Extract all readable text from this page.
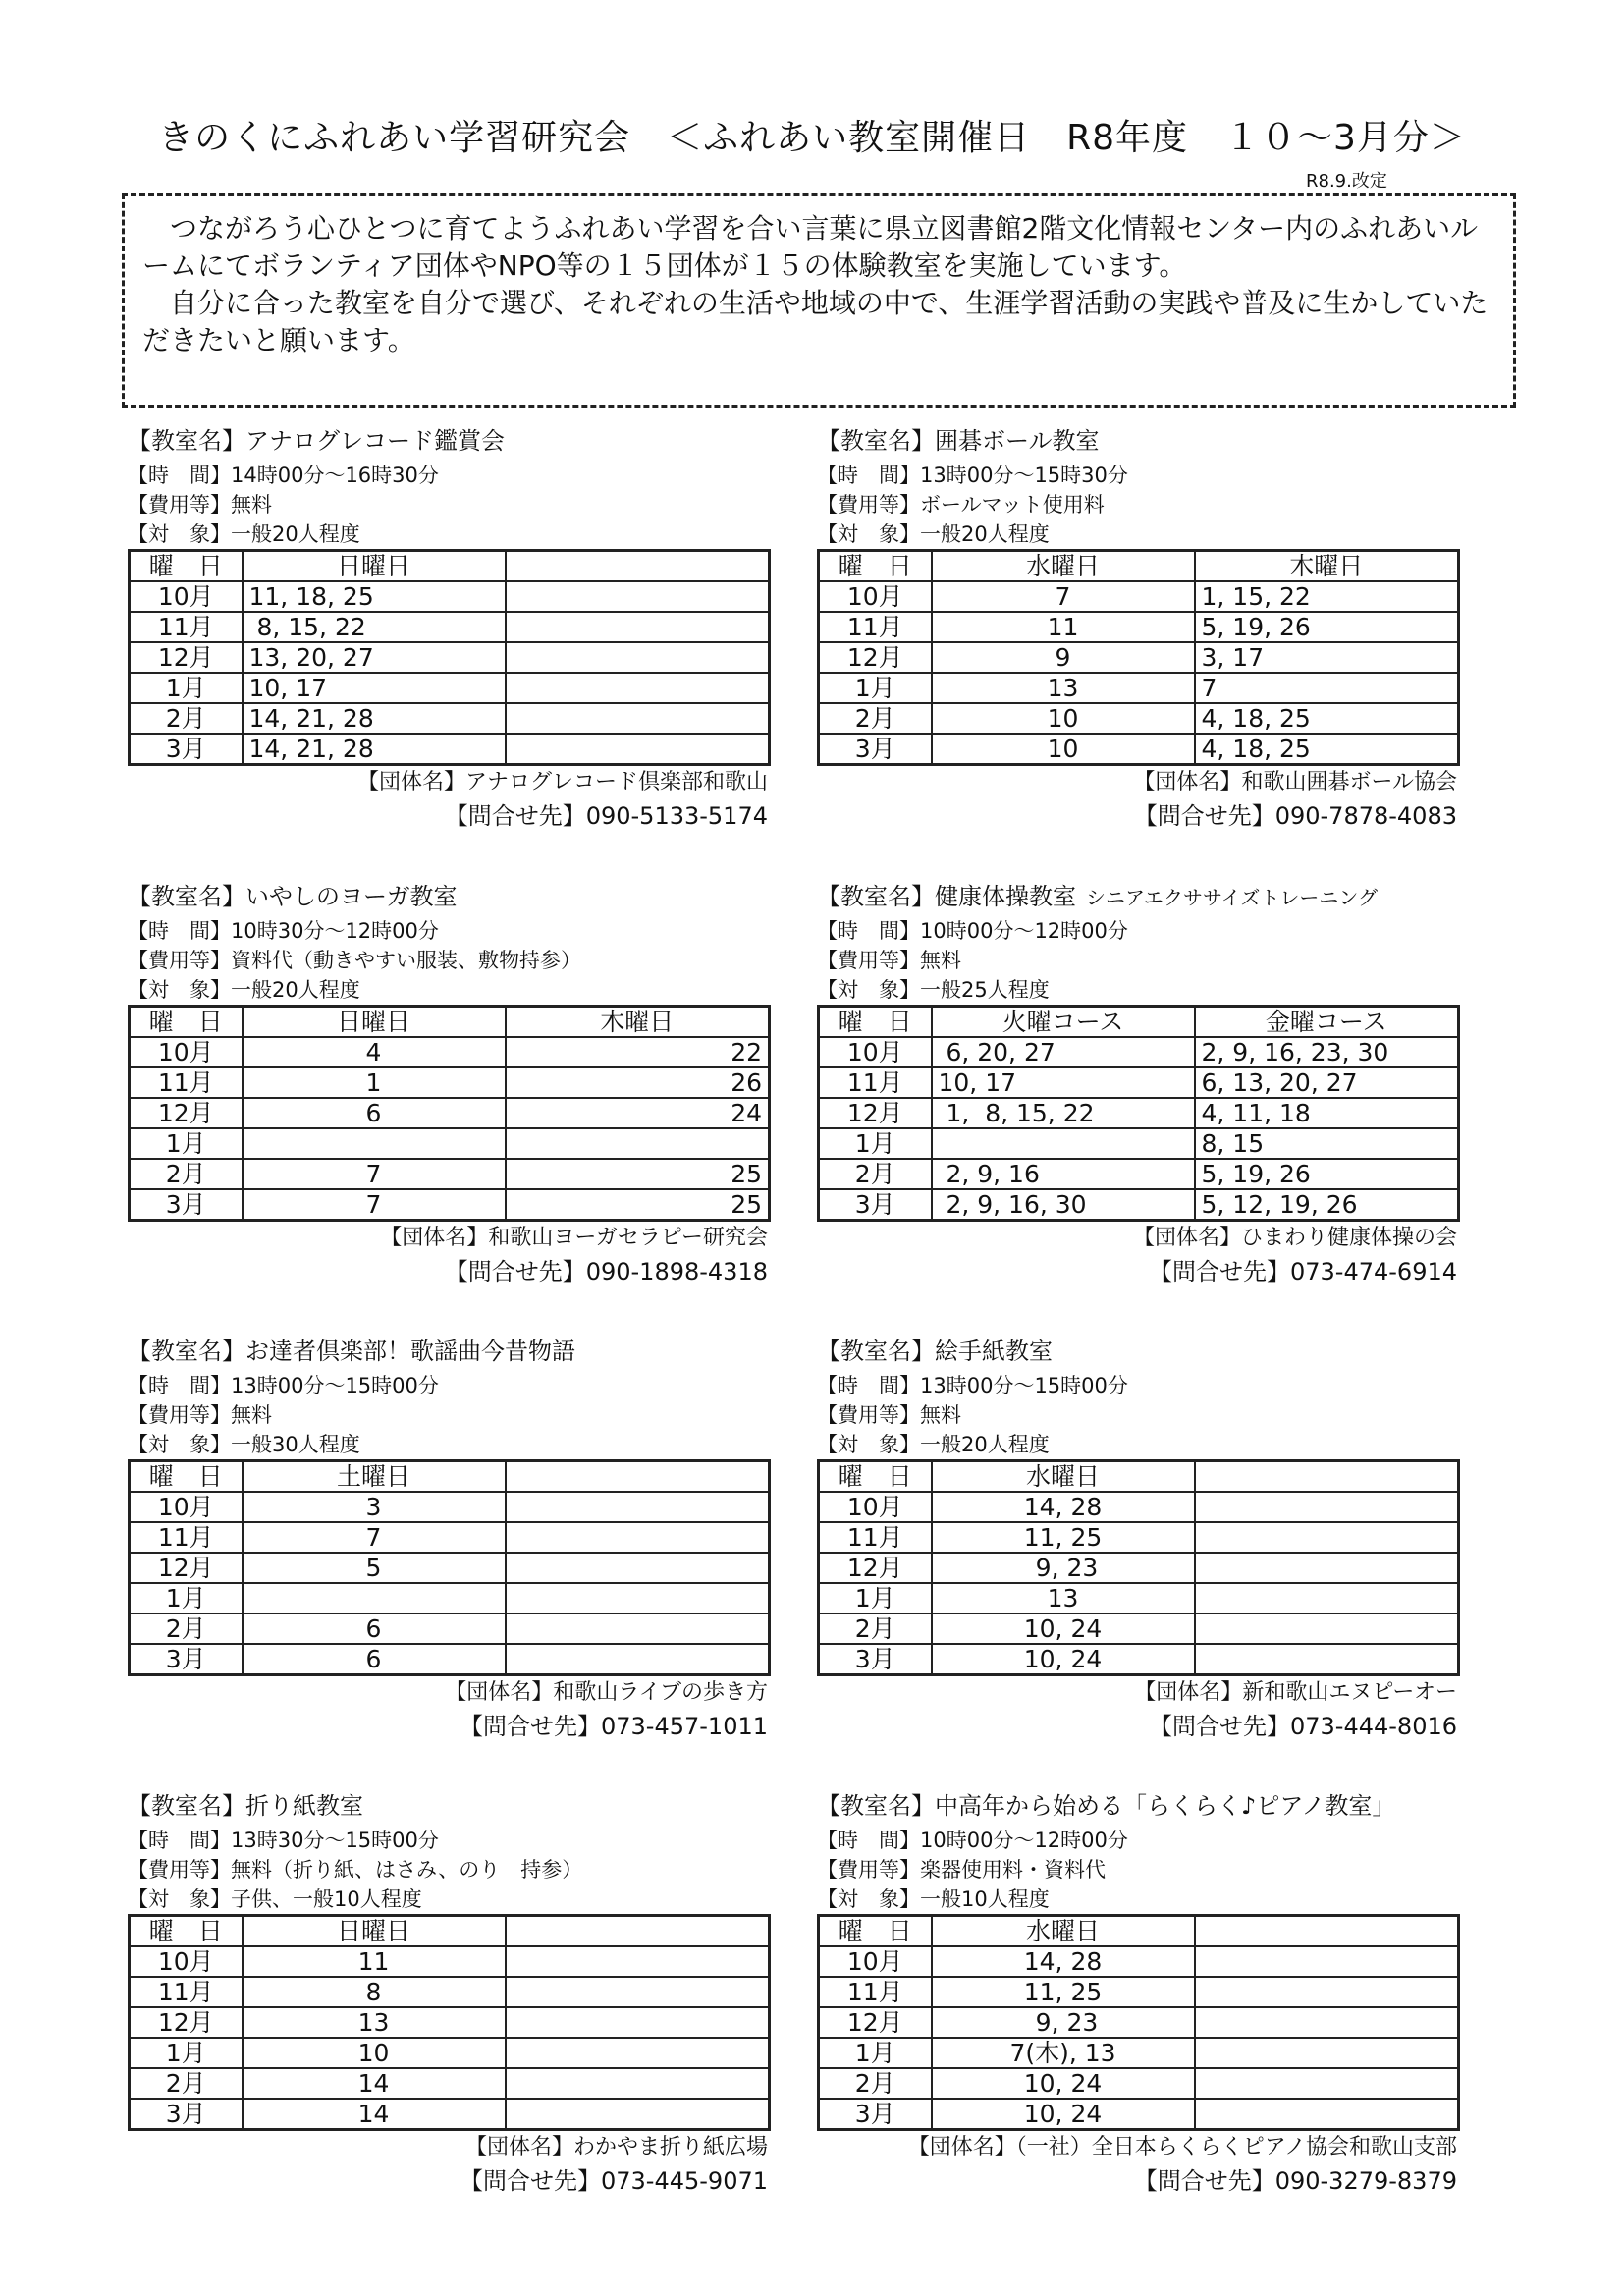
きのくにふれあい学習研究会　＜ふれあい教室開催日　R8年度　１０～3月分＞
R8.9.改定

つながろう心ひとつに育てようふれあい学習を合い言葉に県立図書館2階文化情報センター内のふれあいルームにてボランティア団体やNPO等の１５団体が１５の体験教室を実施しています。

自分に合った教室を自分で選び、それぞれの生活や地域の中で、生涯学習活動の実践や普及に生かしていただきたいと願います。

【教室名】アナログレコード鑑賞会
【時　間】14時00分～16時30分
【費用等】無料
【対　象】一般20人程度
曜　日	日曜日	
10月	11, 18, 25	
11月	8, 15, 22	
12月	13, 20, 27	
1月	10, 17	
2月	14, 21, 28	
3月	14, 21, 28	
【団体名】アナログレコード倶楽部和歌山
【問合せ先】090-5133-5174
【教室名】囲碁ボール教室
【時　間】13時00分～15時30分
【費用等】ボールマット使用料
【対　象】一般20人程度
曜　日	水曜日	木曜日
10月	7	1, 15, 22
11月	11	5, 19, 26
12月	9	3, 17
1月	13	7
2月	10	4, 18, 25
3月	10	4, 18, 25
【団体名】和歌山囲碁ボール協会
【問合せ先】090-7878-4083
【教室名】いやしのヨーガ教室
【時　間】10時30分～12時00分
【費用等】資料代（動きやすい服装、敷物持参）
【対　象】一般20人程度
曜　日	日曜日	木曜日
10月	4	22
11月	1	26
12月	6	24
1月		
2月	7	25
3月	7	25
【団体名】和歌山ヨーガセラピー研究会
【問合せ先】090-1898-4318
【教室名】健康体操教室 シニアエクササイズトレーニング
【時　間】10時00分～12時00分
【費用等】無料
【対　象】一般25人程度
曜　日	火曜コース	金曜コース
10月	6, 20, 27	2, 9, 16, 23, 30
11月	10, 17	6, 13, 20, 27
12月	1,  8, 15, 22	4, 11, 18
1月		8, 15
2月	2, 9, 16	5, 19, 26
3月	2, 9, 16, 30	5, 12, 19, 26
【団体名】ひまわり健康体操の会
【問合せ先】073-474-6914
【教室名】お達者倶楽部！歌謡曲今昔物語
【時　間】13時00分～15時00分
【費用等】無料
【対　象】一般30人程度
曜　日	土曜日	
10月	3	
11月	7	
12月	5	
1月		
2月	6	
3月	6	
【団体名】和歌山ライブの歩き方
【問合せ先】073-457-1011
【教室名】絵手紙教室
【時　間】13時00分～15時00分
【費用等】無料
【対　象】一般20人程度
曜　日	水曜日	
10月	14, 28	
11月	11, 25	
12月	9, 23	
1月	13	
2月	10, 24	
3月	10, 24	
【団体名】新和歌山エヌピーオー
【問合せ先】073-444-8016
【教室名】折り紙教室
【時　間】13時30分～15時00分
【費用等】無料（折り紙、はさみ、のり　持参）
【対　象】子供、一般10人程度
曜　日	日曜日	
10月	11	
11月	8	
12月	13	
1月	10	
2月	14	
3月	14	
【団体名】わかやま折り紙広場
【問合せ先】073-445-9071
【教室名】中高年から始める「らくらく♪ピアノ教室」
【時　間】10時00分～12時00分
【費用等】楽器使用料・資料代
【対　象】一般10人程度
曜　日	水曜日	
10月	14, 28	
11月	11, 25	
12月	9, 23	
1月	7(木), 13	
2月	10, 24	
3月	10, 24	
【団体名】（一社）全日本らくらくピアノ協会和歌山支部
【問合せ先】090-3279-8379
